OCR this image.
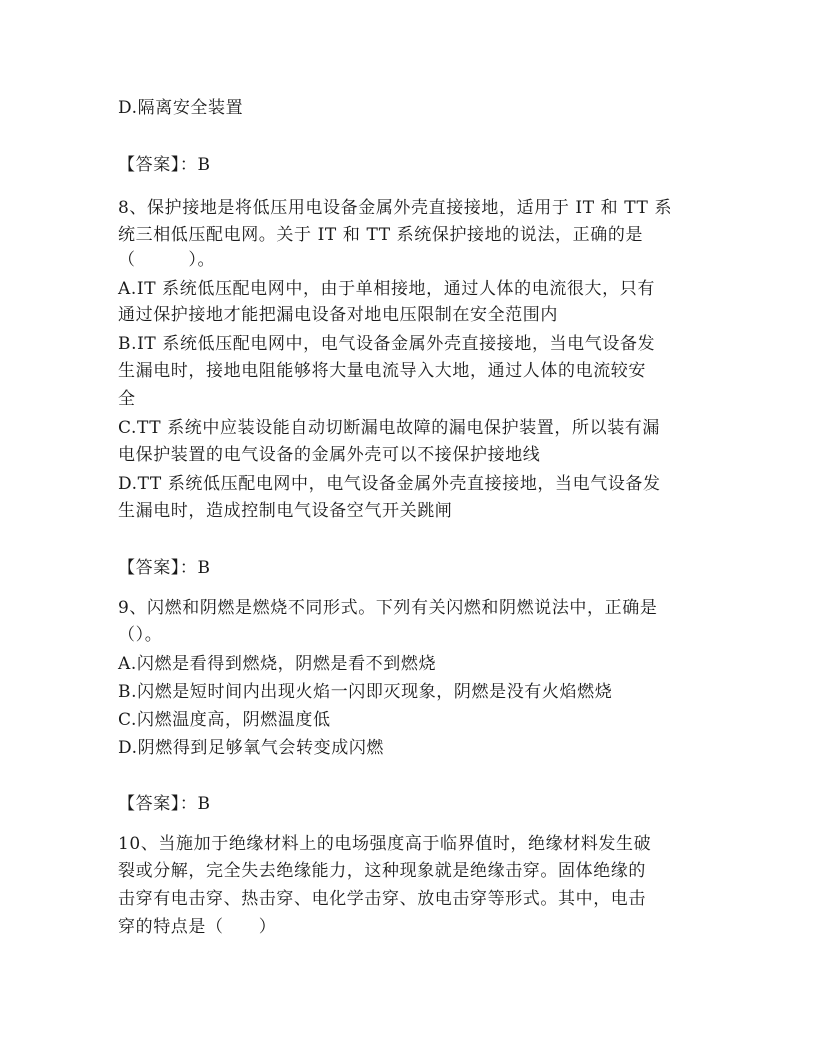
D.隔离安全装置
【答案】：B
8、保护接地是将低压用电设备金属外壳直接接地，适用于 IT 和 TT 系
统三相低压配电网。关于 IT 和 TT 系统保护接地的说法，正确的是
（　　　）。
A.IT 系统低压配电网中，由于单相接地，通过人体的电流很大，只有
通过保护接地才能把漏电设备对地电压限制在安全范围内
B.IT 系统低压配电网中，电气设备金属外壳直接接地，当电气设备发
生漏电时，接地电阻能够将大量电流导入大地，通过人体的电流较安
全
C.TT 系统中应装设能自动切断漏电故障的漏电保护装置，所以装有漏
电保护装置的电气设备的金属外壳可以不接保护接地线
D.TT 系统低压配电网中，电气设备金属外壳直接接地，当电气设备发
生漏电时，造成控制电气设备空气开关跳闸
【答案】：B
9、闪燃和阴燃是燃烧不同形式。下列有关闪燃和阴燃说法中，正确是
（）。
A.闪燃是看得到燃烧，阴燃是看不到燃烧
B.闪燃是短时间内出现火焰一闪即灭现象，阴燃是没有火焰燃烧
C.闪燃温度高，阴燃温度低
D.阴燃得到足够氧气会转变成闪燃
【答案】：B
10、当施加于绝缘材料上的电场强度高于临界值时，绝缘材料发生破
裂或分解，完全失去绝缘能力，这种现象就是绝缘击穿。固体绝缘的
击穿有电击穿、热击穿、电化学击穿、放电击穿等形式。其中，电击
穿的特点是（　　）
